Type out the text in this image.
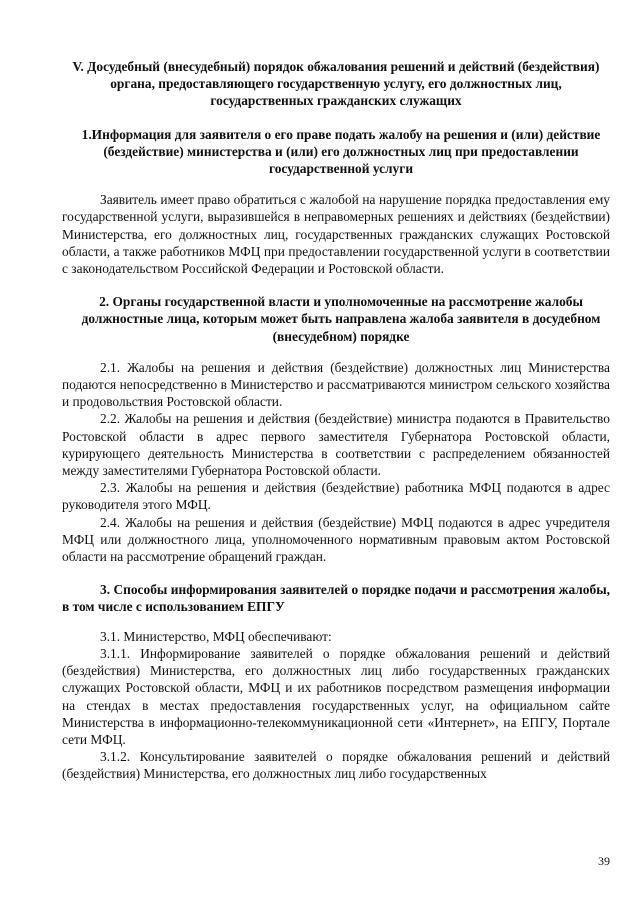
V. Досудебный (внесудебный) порядок обжалования решений и действий (бездействия) органа, предоставляющего государственную услугу, его должностных лиц, государственных гражданских служащих

1.Информация для заявителя о его праве подать жалобу на решения и (или) действие (бездействие) министерства и (или) его должностных лиц при предоставлении государственной услуги

Заявитель имеет право обратиться с жалобой на нарушение порядка предоставления ему государственной услуги, выразившейся в неправомерных решениях и действиях (бездействии) Министерства, его должностных лиц, государственных гражданских служащих Ростовской области, а также работников МФЦ при предоставлении государственной услуги в соответствии с законодательством Российской Федерации и Ростовской области.

2. Органы государственной власти и уполномоченные на рассмотрение жалобы должностные лица, которым может быть направлена жалоба заявителя в досудебном (внесудебном) порядке

2.1. Жалобы на решения и действия (бездействие) должностных лиц Министерства подаются непосредственно в Министерство и рассматриваются министром сельского хозяйства и продовольствия Ростовской области.

2.2. Жалобы на решения и действия (бездействие) министра подаются в Правительство Ростовской области в адрес первого заместителя Губернатора Ростовской области, курирующего деятельность Министерства в соответствии с распределением обязанностей между заместителями Губернатора Ростовской области.

2.3. Жалобы на решения и действия (бездействие) работника МФЦ подаются в адрес руководителя этого МФЦ.

2.4. Жалобы на решения и действия (бездействие) МФЦ подаются в адрес учредителя МФЦ или должностного лица, уполномоченного нормативным правовым актом Ростовской области на рассмотрение обращений граждан.

3. Способы информирования заявителей о порядке подачи и рассмотрения жалобы, в том числе с использованием ЕПГУ

3.1. Министерство, МФЦ обеспечивают:

3.1.1. Информирование заявителей о порядке обжалования решений и действий (бездействия) Министерства, его должностных лиц либо государственных гражданских служащих Ростовской области, МФЦ и их работников посредством размещения информации на стендах в местах предоставления государственных услуг, на официальном сайте Министерства в информационно-телекоммуникационной сети «Интернет», на ЕПГУ, Портале сети МФЦ.

3.1.2. Консультирование заявителей о порядке обжалования решений и действий (бездействия) Министерства, его должностных лиц либо государственных

39
